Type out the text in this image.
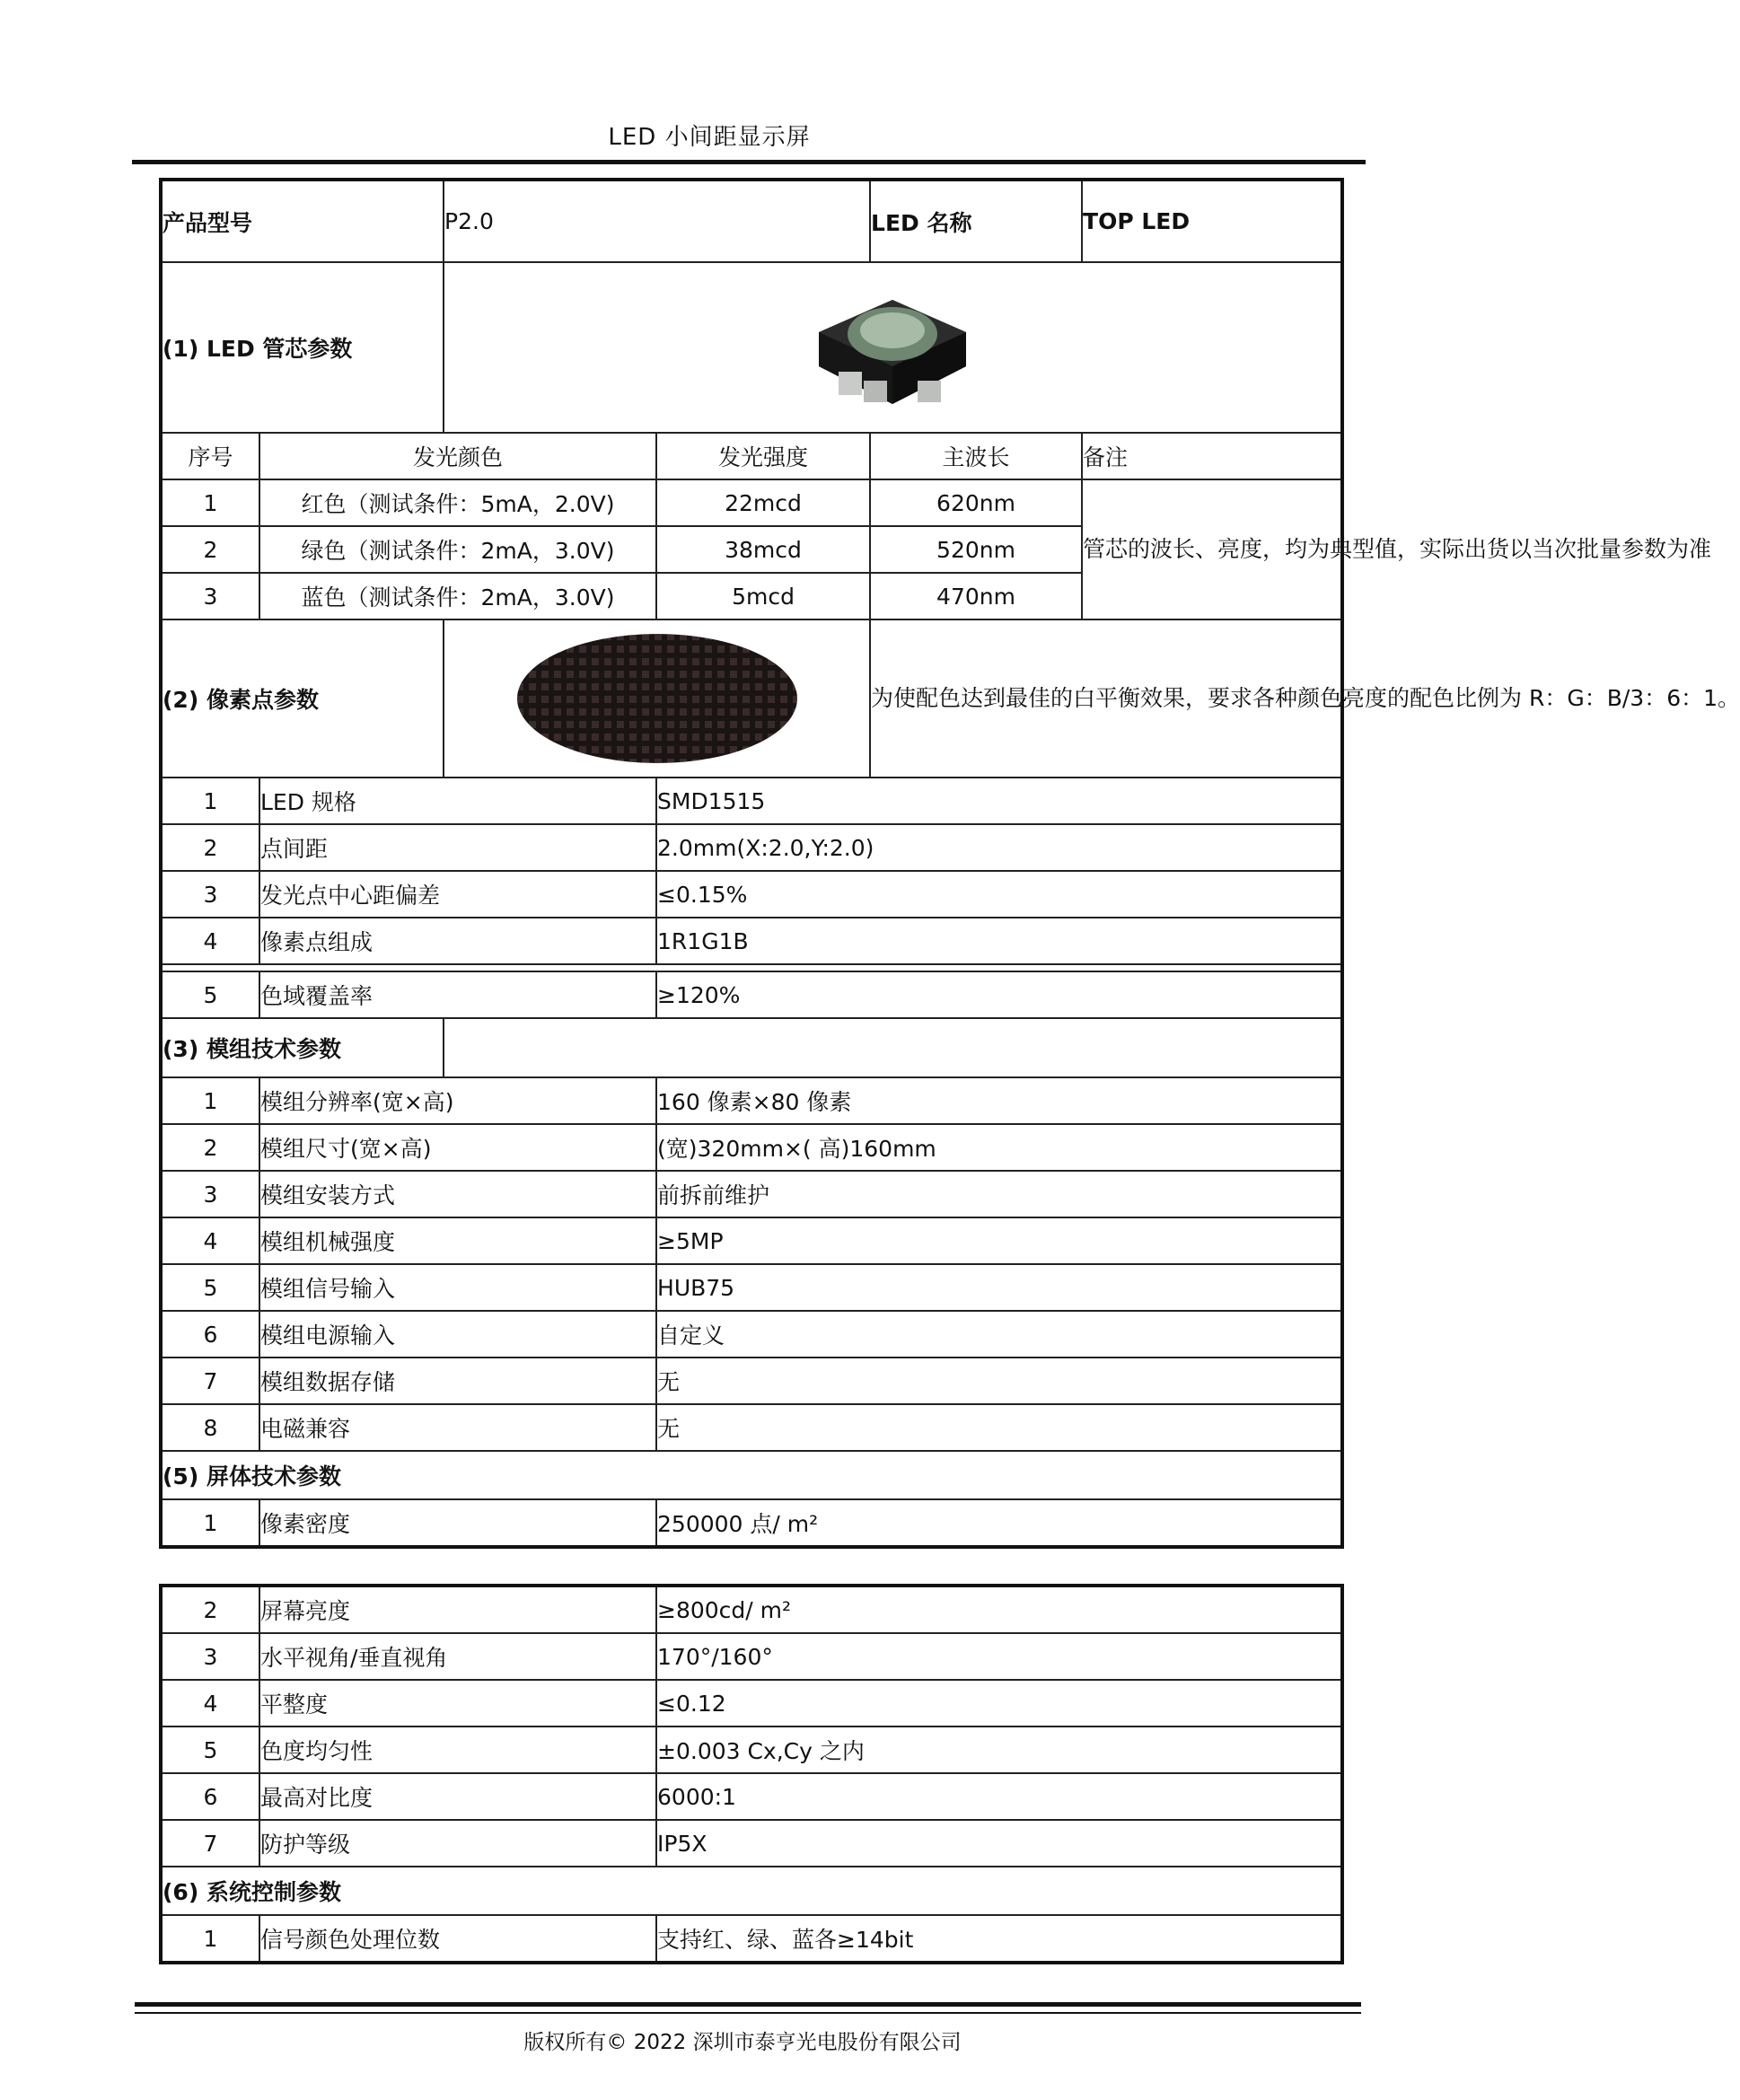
LED 小间距显示屏
产品型号		P2.0		LED 名称	TOP LED
(1) LED 管芯参数	

序号	发光颜色		发光强度	主波长	备注
1	红色（测试条件：5mA，2.0V)		22mcd	620nm	管芯的波长、亮度，均为典型值，实际出货以当次批量参数为准
2	绿色（测试条件：2mA，3.0V)		38mcd	520nm	
3	蓝色（测试条件：2mA，3.0V)		5mcd	470nm	
(2) 像素点参数				为使配色达到最佳的白平衡效果，要求各种颜色亮度的配色比例为 R：G：B/3：6：1。	
1	LED 规格		SMD1515		
2	点间距		2.0mm(X:2.0,Y:2.0)		
3	发光点中心距偏差		≤0.15%		
4	像素点组成		1R1G1B		

5	色域覆盖率		≥120%		
(3) 模组技术参数					
1	模组分辨率(宽×高)		160 像素×80 像素		
2	模组尺寸(宽×高)		(宽)320mm×( 高)160mm		
3	模组安装方式		前拆前维护		
4	模组机械强度		≥5MP		
5	模组信号输入		HUB75		
6	模组电源输入		自定义		
7	模组数据存储		无		
8	电磁兼容		无		
(5) 屏体技术参数					
1	像素密度		250000 点/ m²		
2	屏幕亮度	≥800cd/ m²
3	水平视角/垂直视角	170°/160°
4	平整度	≤0.12
5	色度均匀性	±0.003 Cx,Cy 之内
6	最高对比度	6000:1
7	防护等级	IP5X
(6) 系统控制参数		
1	信号颜色处理位数	支持红、绿、蓝各≥14bit
版权所有© 2022 深圳市泰亨光电股份有限公司
